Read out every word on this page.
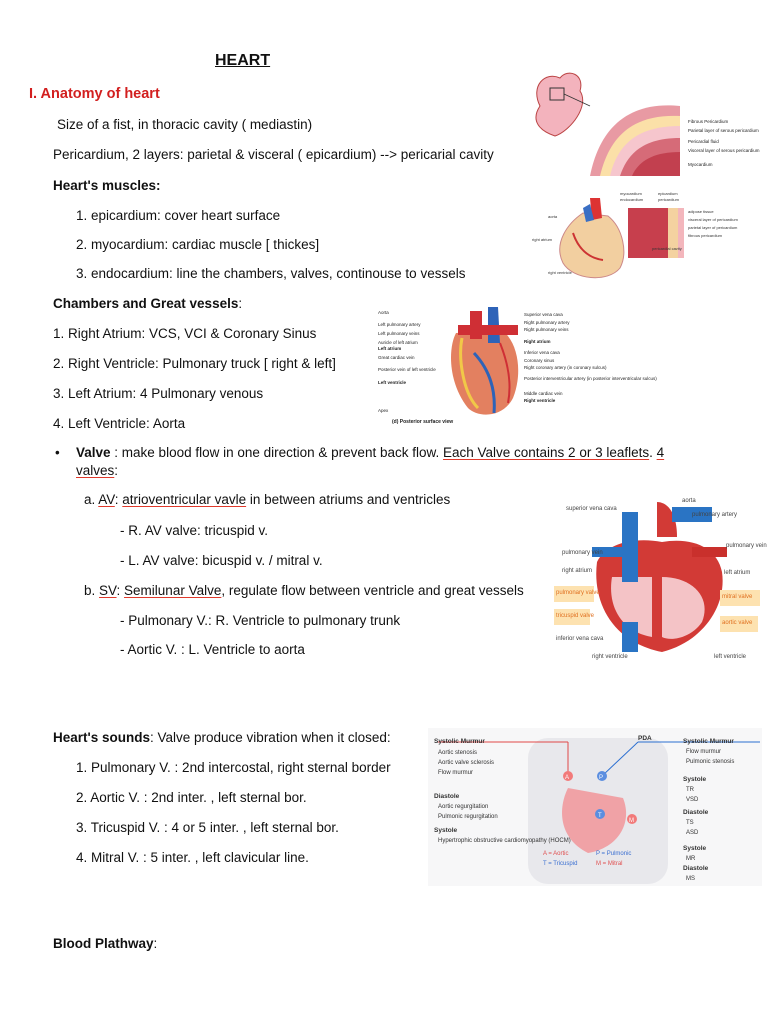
HEART
I. Anatomy of heart
Size of a fist, in thoracic cavity ( mediastin)
Pericardium, 2 layers: parietal & visceral ( epicardium) --> pericarial cavity
Heart's muscles:
1. epicardium: cover heart surface
2. myocardium: cardiac muscle [ thickes]
3. endocardium: line the chambers, valves, continouse to vessels
Chambers and Great vessels:
1. Right Atrium: VCS, VCI & Coronary Sinus
2. Right Ventricle: Pulmonary truck [ right & left]
3. Left Atrium: 4 Pulmonary venous
4. Left Ventricle: Aorta
• Valve : make blood flow in one direction & prevent back flow. Each Valve contains 2 or 3 leaflets. 4
valves:
a. AV: atrioventricular vavle in between atriums and ventricles
- R. AV valve: tricuspid v.
- L. AV valve: bicuspid v. / mitral v.
b. SV: Semilunar Valve, regulate flow between ventricle and great vessels
- Pulmonary V.: R. Ventricle to pulmonary trunk
- Aortic V. : L. Ventricle to aorta
Heart's sounds: Valve produce vibration when it closed:
1. Pulmonary V. : 2nd intercostal, right sternal border
2. Aortic V. : 2nd inter. , left sternal bor.
3. Tricuspid V. : 4 or 5 inter. , left sternal bor.
4. Mitral V. : 5 inter. , left clavicular line.
Blood Plathway:
Fibrous Pericardium
Parietal layer of serous pericardium
Pericardial fluid
Visceral layer of serous pericardium
Myocardium
myocardium
endocardium
epicardium
pericardium
aorta
right atrium
right ventricle
adipose tissue
visceral layer of pericardium
parietal layer of pericardium
fibrous pericardium
pericardial cavity
Aorta
Left pulmonary artery
Left pulmonary veins
Auricle of left atrium
Left atrium
Great cardiac vein
Posterior vein of left ventricle
Left ventricle
Apex
Superior vena cava
Right pulmonary artery
Right pulmonary veins
Right atrium
Inferior vena cava
Coronary sinus
Right coronary artery (in coronary sulcus)
Posterior interventricular artery (in posterior interventricular sulcus)
Middle cardiac vein
Right ventricle
(d) Posterior surface view
superior vena cava
aorta
pulmonary artery
pulmonary vein
pulmonary vein
right atrium	left atrium
pulmonary valve
tricuspid valve
mitral valve
aortic valve
inferior vena cava
right ventricle	left ventricle
A	P
T
M
Systolic Murmur
Aortic stenosis
Aortic valve sclerosis
Flow murmur
Diastole
Aortic regurgitation
Pulmonic regurgitation
Systole
Hypertrophic obstructive cardiomyopathy (HOCM)
PDA	Systolic Murmur
Flow murmur
Pulmonic stenosis
Systole
TR
VSD
Diastole
TS
ASD
Systole
MR
Diastole
MS
A = Aortic	P = Pulmonic
T = Tricuspid	M = Mitral
